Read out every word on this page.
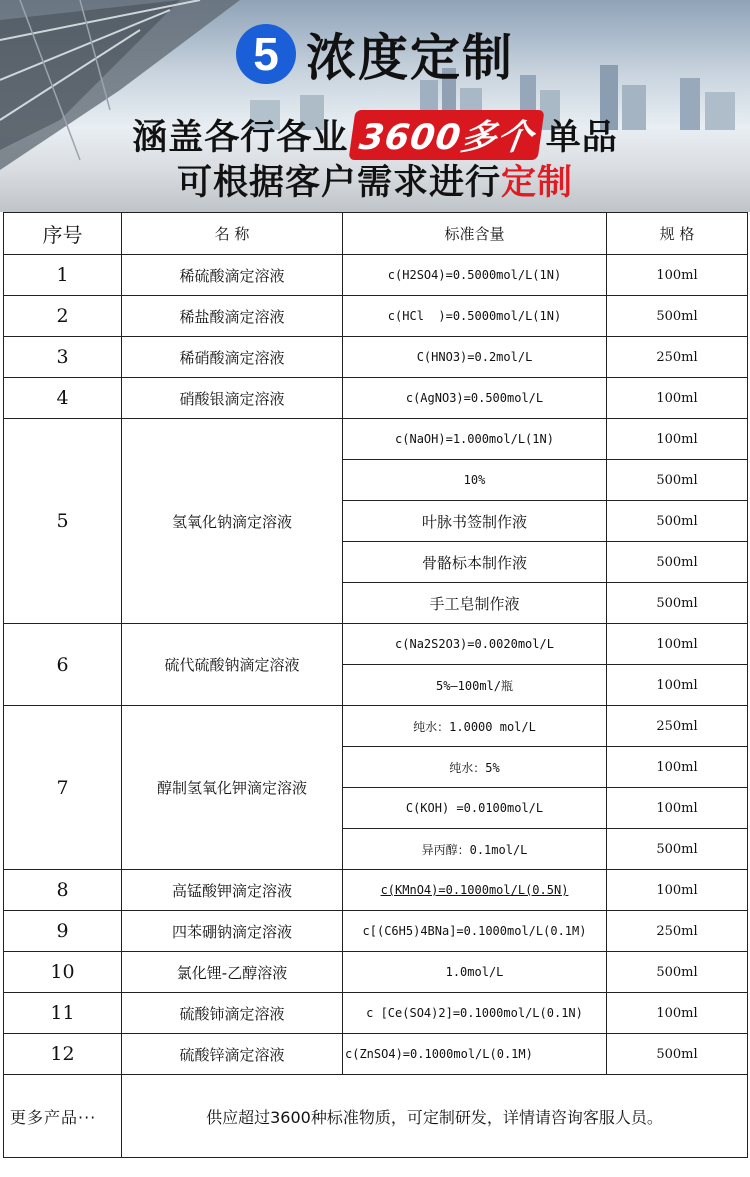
5 浓度定制
涵盖各行各业 3600多个 单品
可根据客户需求进行定制
序号	名 称	标准含量	规 格
1	稀硫酸滴定溶液	c(H2SO4)=0.5000mol/L(1N)	100ml
2	稀盐酸滴定溶液	c(HCl  )=0.5000mol/L(1N)	500ml
3	稀硝酸滴定溶液	C(HNO3)=0.2mol/L	250ml
4	硝酸银滴定溶液	c(AgNO3)=0.500mol/L	100ml
5	氢氧化钠滴定溶液	c(NaOH)=1.000mol/L(1N)	100ml
		10%	500ml
		叶脉书签制作液	500ml
		骨骼标本制作液	500ml
		手工皂制作液	500ml
6	硫代硫酸钠滴定溶液	c(Na2S2O3)=0.0020mol/L	100ml
		5%—100ml/瓶	100ml
7	醇制氢氧化钾滴定溶液	纯水：1.0000 mol/L	250ml
		纯水：5%	100ml
		C(KOH) =0.0100mol/L	100ml
		异丙醇：0.1mol/L	500ml
8	高锰酸钾滴定溶液	c(KMnO4)=0.1000mol/L(0.5N)	100ml
9	四苯硼钠滴定溶液	c[(C6H5)4BNa]=0.1000mol/L(0.1M)	250ml
10	氯化锂-乙醇溶液	1.0mol/L	500ml
11	硫酸铈滴定溶液	c [Ce(SO4)2]=0.1000mol/L(0.1N)	100ml
12	硫酸锌滴定溶液	c(ZnSO4)=0.1000mol/L(0.1M)	500ml
更多产品···	供应超过3600种标准物质，可定制研发，详情请咨询客服人员。		
